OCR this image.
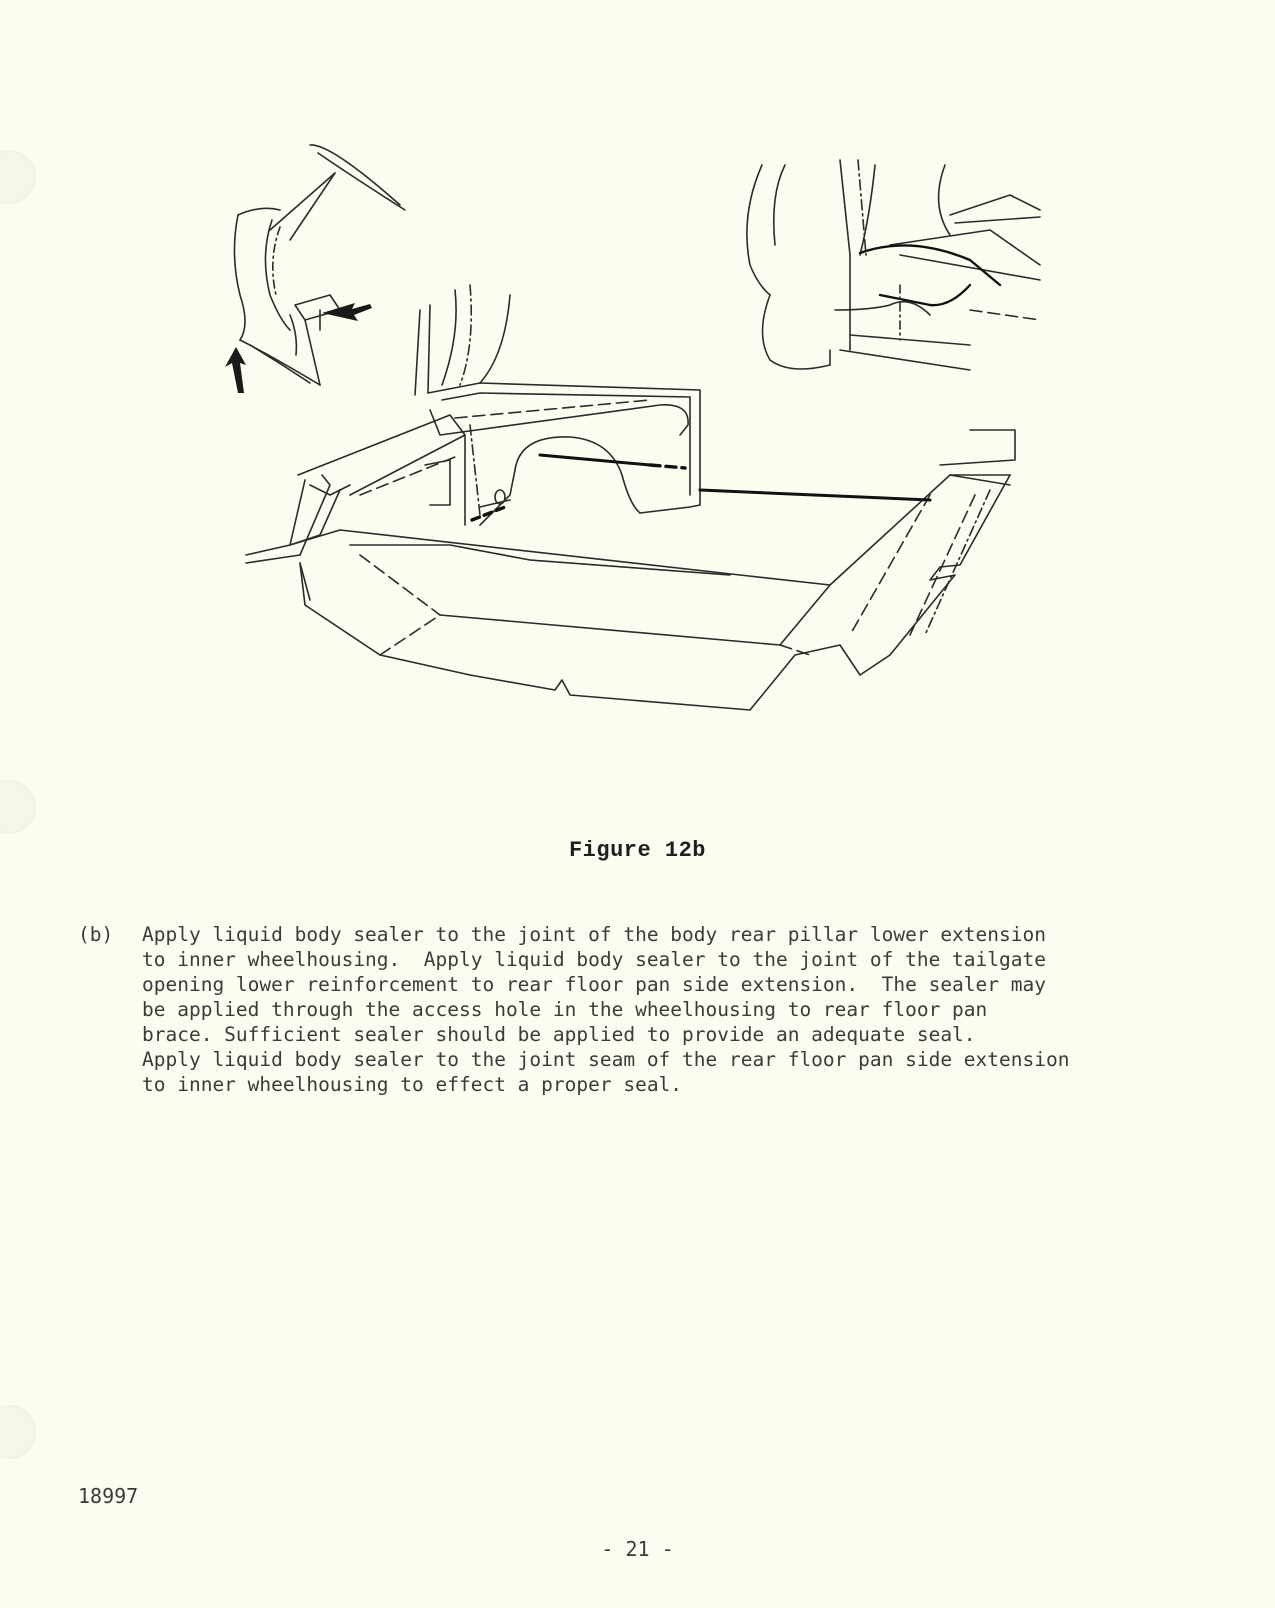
Figure 12b
(b) Apply liquid body sealer to the joint of the body rear pillar lower extension
to inner wheelhousing.  Apply liquid body sealer to the joint of the tailgate
opening lower reinforcement to rear floor pan side extension.  The sealer may
be applied through the access hole in the wheelhousing to rear floor pan
brace. Sufficient sealer should be applied to provide an adequate seal.
Apply liquid body sealer to the joint seam of the rear floor pan side extension
to inner wheelhousing to effect a proper seal.
18997
- 21 -
